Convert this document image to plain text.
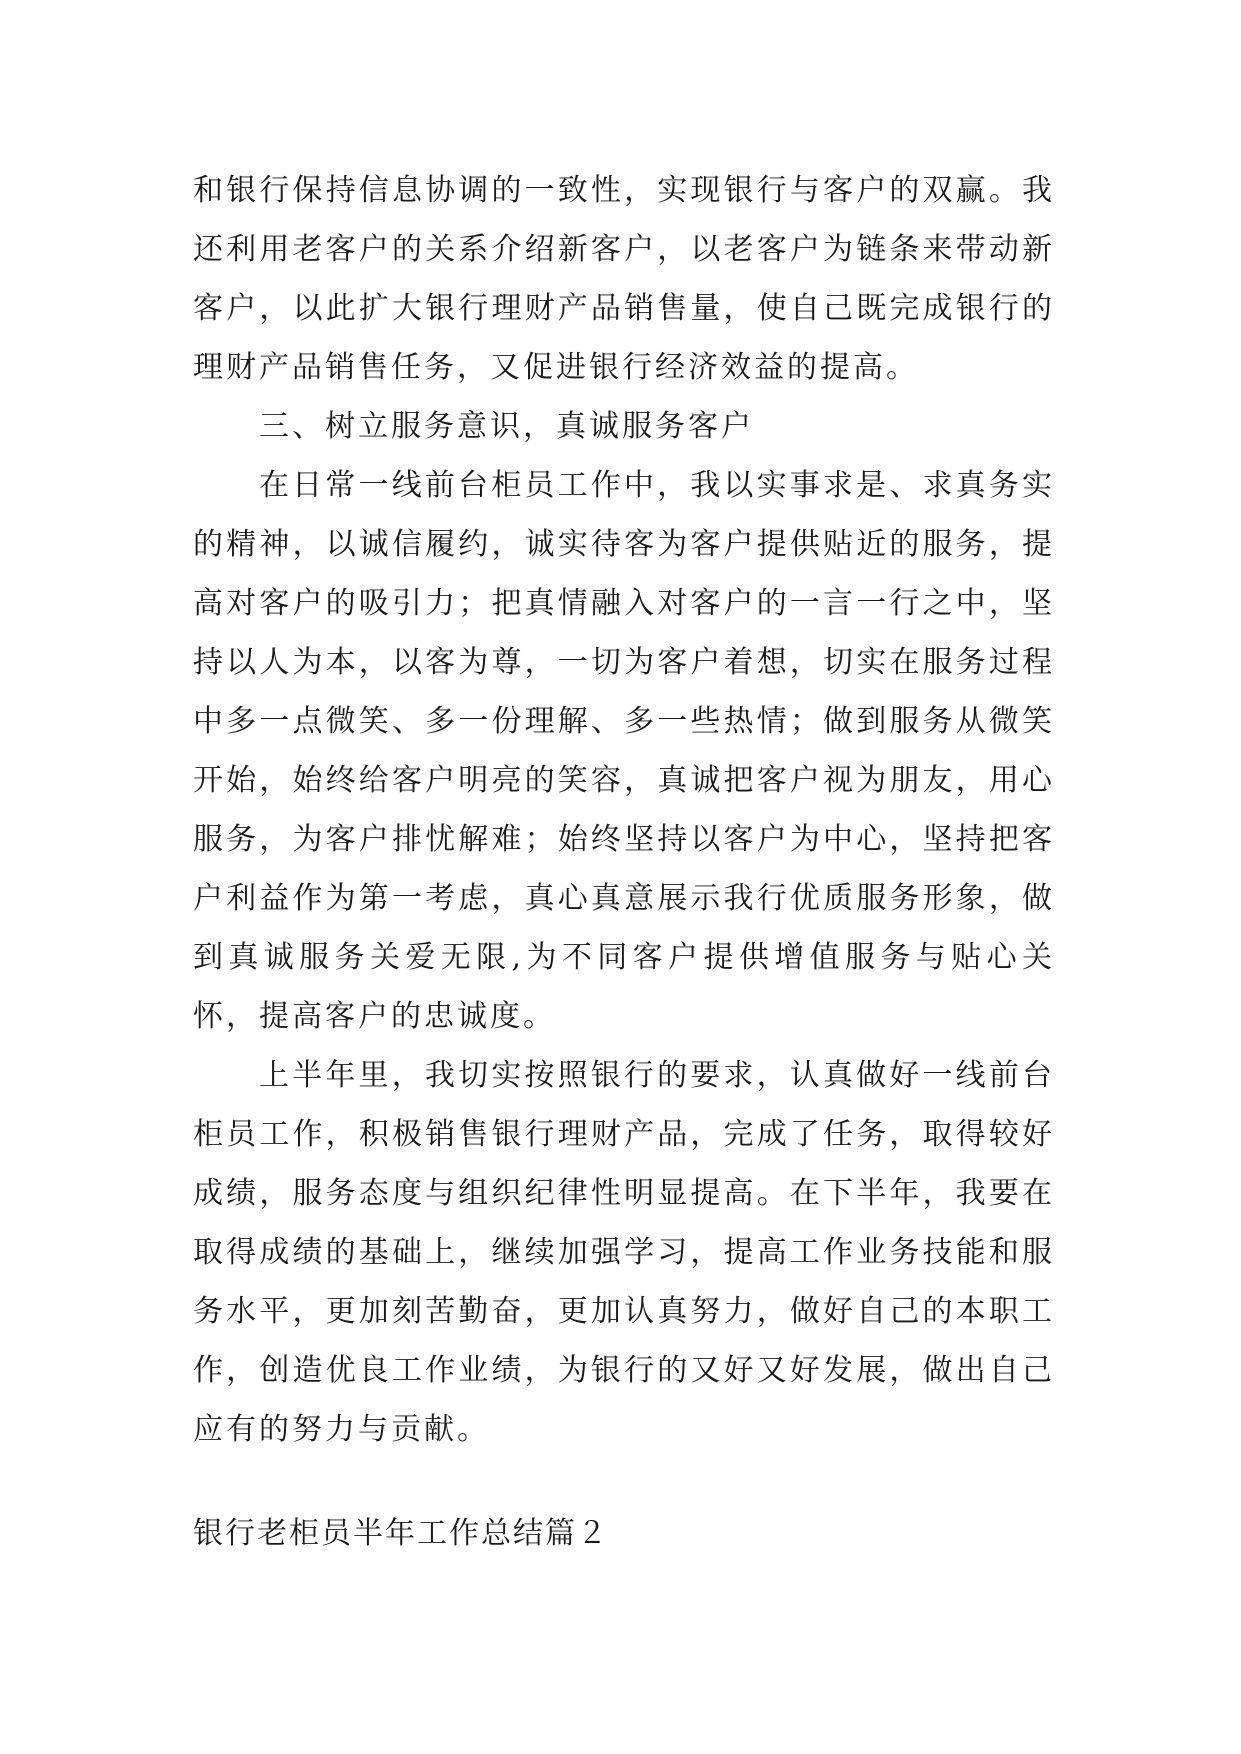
和银行保持信息协调的一致性，实现银行与客户的双赢。我还利用老客户的关系介绍新客户，以老客户为链条来带动新客户，以此扩大银行理财产品销售量，使自己既完成银行的理财产品销售任务，又促进银行经济效益的提高。

三、树立服务意识，真诚服务客户

在日常一线前台柜员工作中，我以实事求是、求真务实的精神，以诚信履约，诚实待客为客户提供贴近的服务，提高对客户的吸引力；把真情融入对客户的一言一行之中，坚持以人为本，以客为尊，一切为客户着想，切实在服务过程中多一点微笑、多一份理解、多一些热情；做到服务从微笑开始，始终给客户明亮的笑容，真诚把客户视为朋友，用心服务，为客户排忧解难；始终坚持以客户为中心，坚持把客户利益作为第一考虑，真心真意展示我行优质服务形象，做到真诚服务关爱无限,为不同客户提供增值服务与贴心关怀，提高客户的忠诚度。

上半年里，我切实按照银行的要求，认真做好一线前台柜员工作，积极销售银行理财产品，完成了任务，取得较好成绩，服务态度与组织纪律性明显提高。在下半年，我要在取得成绩的基础上，继续加强学习，提高工作业务技能和服务水平，更加刻苦勤奋，更加认真努力，做好自己的本职工作，创造优良工作业绩，为银行的又好又好发展，做出自己应有的努力与贡献。

银行老柜员半年工作总结篇２
